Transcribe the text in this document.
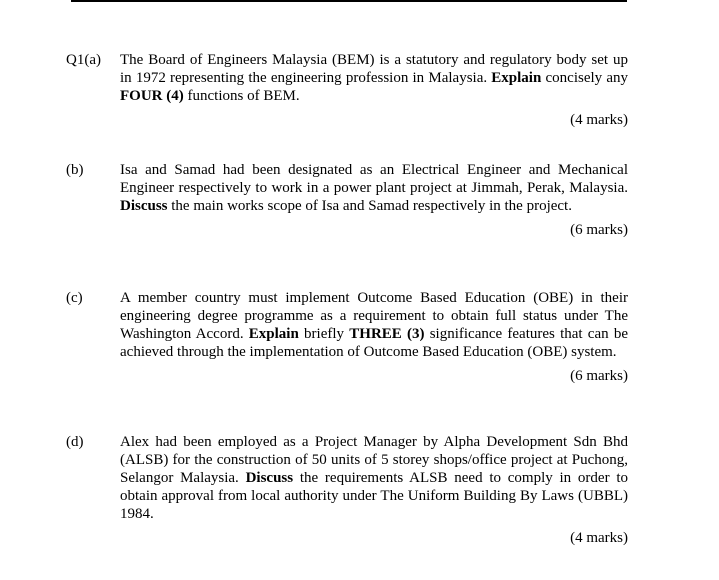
Q1(a)	The Board of Engineers Malaysia (BEM) is a statutory and regulatory body set up in 1972 representing the engineering profession in Malaysia. Explain concisely any FOUR (4) functions of BEM.
(4 marks)
(b)	Isa and Samad had been designated as an Electrical Engineer and Mechanical Engineer respectively to work in a power plant project at Jimmah, Perak, Malaysia. Discuss the main works scope of Isa and Samad respectively in the project.
(6 marks)
(c)	A member country must implement Outcome Based Education (OBE) in their engineering degree programme as a requirement to obtain full status under The Washington Accord. Explain briefly THREE (3) significance features that can be achieved through the implementation of Outcome Based Education (OBE) system.
(6 marks)
(d)	Alex had been employed as a Project Manager by Alpha Development Sdn Bhd (ALSB) for the construction of 50 units of 5 storey shops/office project at Puchong, Selangor Malaysia. Discuss the requirements ALSB need to comply in order to obtain approval from local authority under The Uniform Building By Laws (UBBL) 1984.
(4 marks)
